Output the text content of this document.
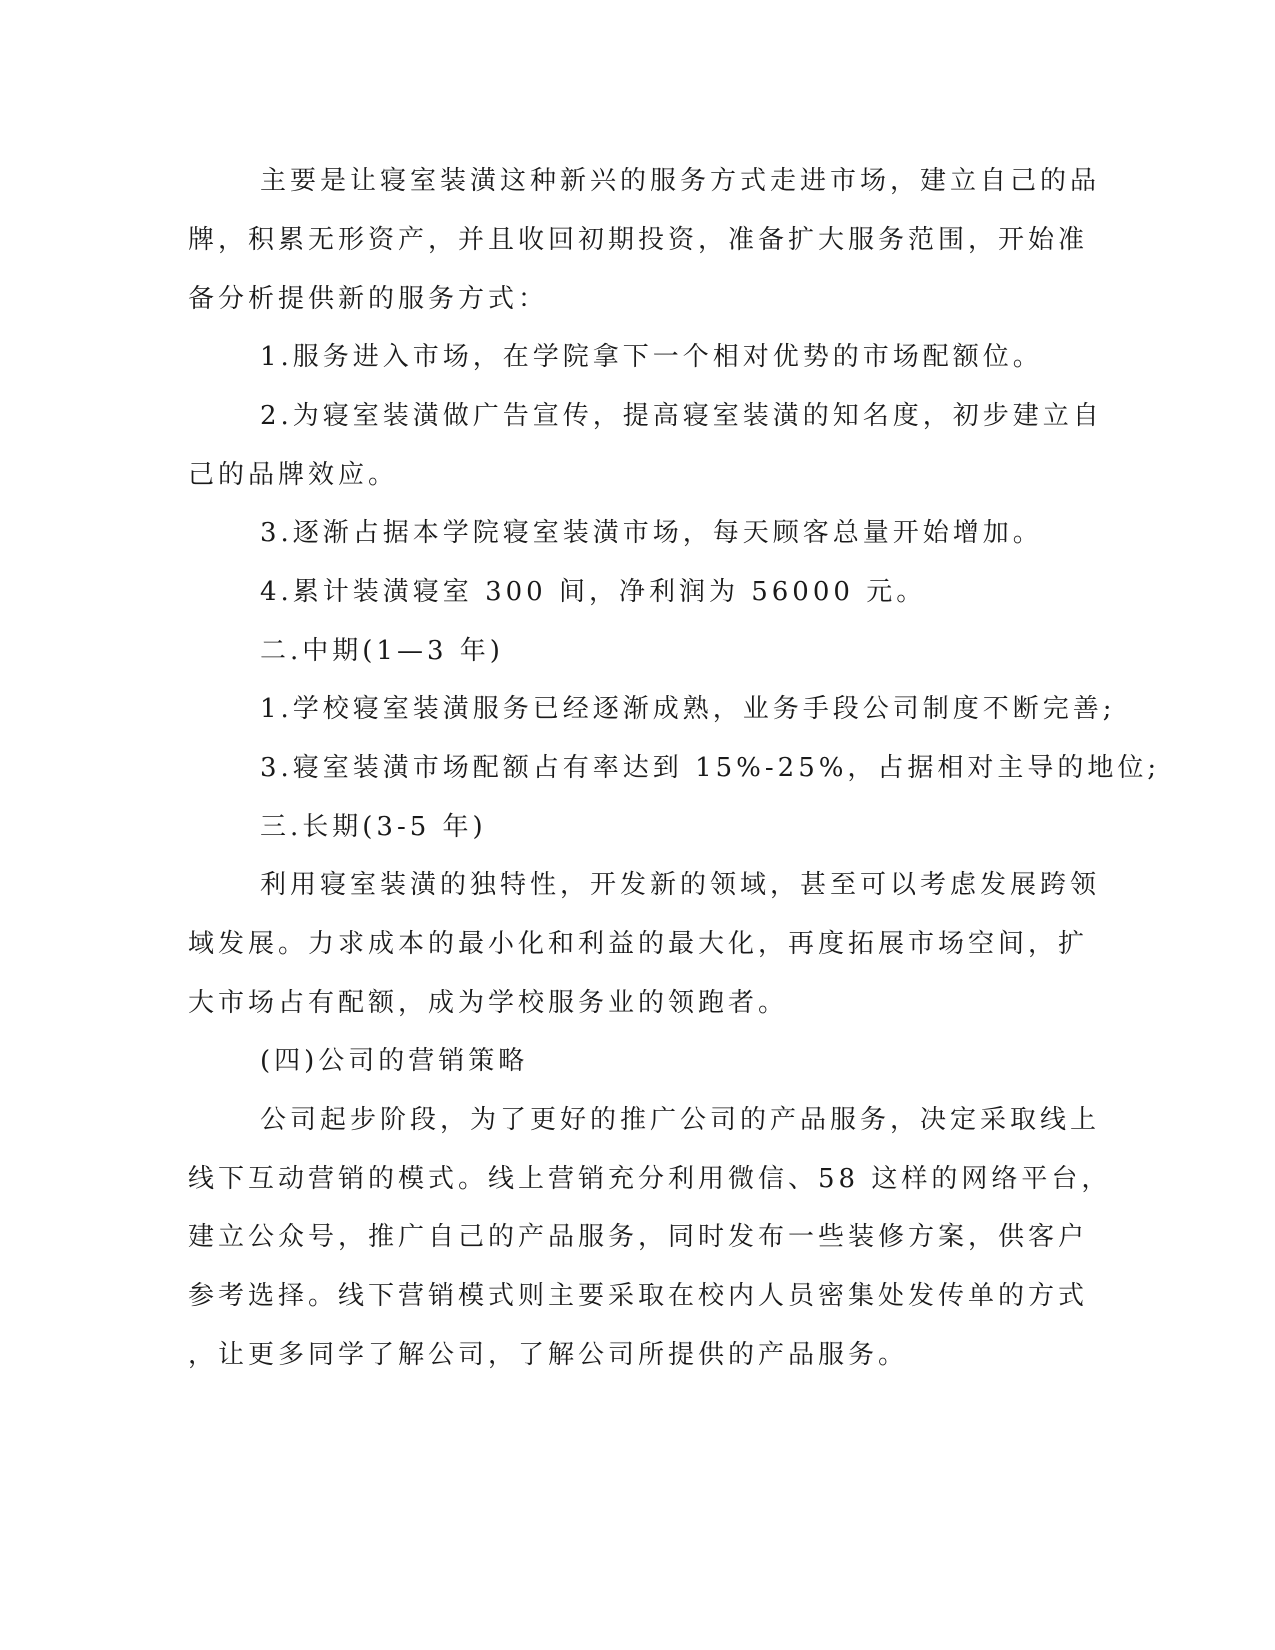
主要是让寝室装潢这种新兴的服务方式走进市场，建立自己的品
牌，积累无形资产，并且收回初期投资，准备扩大服务范围，开始准
备分析提供新的服务方式：
1.服务进入市场，在学院拿下一个相对优势的市场配额位。
2.为寝室装潢做广告宣传，提高寝室装潢的知名度，初步建立自
己的品牌效应。
3.逐渐占据本学院寝室装潢市场，每天顾客总量开始增加。
4.累计装潢寝室 300 间，净利润为 56000 元。
二.中期(1—3 年)
1.学校寝室装潢服务已经逐渐成熟，业务手段公司制度不断完善;
3.寝室装潢市场配额占有率达到 15%-25%，占据相对主导的地位;
三.长期(3-5 年)
利用寝室装潢的独特性，开发新的领域，甚至可以考虑发展跨领
域发展。力求成本的最小化和利益的最大化，再度拓展市场空间，扩
大市场占有配额，成为学校服务业的领跑者。
(四)公司的营销策略
公司起步阶段，为了更好的推广公司的产品服务，决定采取线上
线下互动营销的模式。线上营销充分利用微信、58 这样的网络平台，
建立公众号，推广自己的产品服务，同时发布一些装修方案，供客户
参考选择。线下营销模式则主要采取在校内人员密集处发传单的方式
，让更多同学了解公司，了解公司所提供的产品服务。
